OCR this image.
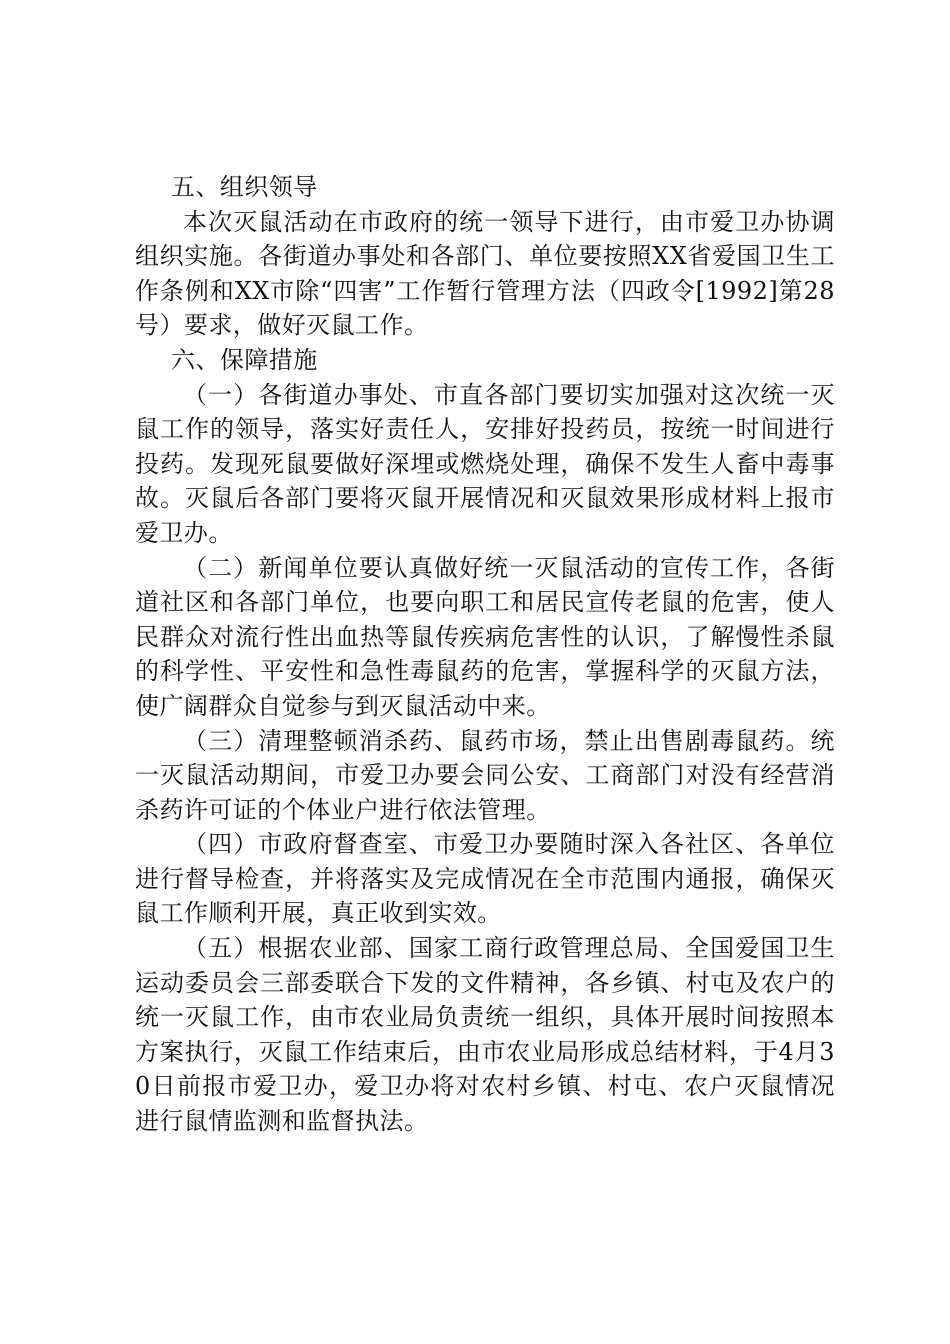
五、组织领导

本次灭鼠活动在市政府的统一领导下进行，由市爱卫办协调组织实施。各街道办事处和各部门、单位要按照XX省爱国卫生工作条例和XX市除“四害”工作暂行管理方法（四政令[1992]第28号）要求，做好灭鼠工作。

六、保障措施

（一）各街道办事处、市直各部门要切实加强对这次统一灭鼠工作的领导，落实好责任人，安排好投药员，按统一时间进行投药。发现死鼠要做好深埋或燃烧处理，确保不发生人畜中毒事故。灭鼠后各部门要将灭鼠开展情况和灭鼠效果形成材料上报市爱卫办。

（二）新闻单位要认真做好统一灭鼠活动的宣传工作，各街道社区和各部门单位，也要向职工和居民宣传老鼠的危害，使人民群众对流行性出血热等鼠传疾病危害性的认识，了解慢性杀鼠的科学性、平安性和急性毒鼠药的危害，掌握科学的灭鼠方法，使广阔群众自觉参与到灭鼠活动中来。

（三）清理整顿消杀药、鼠药市场，禁止出售剧毒鼠药。统一灭鼠活动期间，市爱卫办要会同公安、工商部门对没有经营消杀药许可证的个体业户进行依法管理。

（四）市政府督查室、市爱卫办要随时深入各社区、各单位进行督导检查，并将落实及完成情况在全市范围内通报，确保灭鼠工作顺利开展，真正收到实效。

（五）根据农业部、国家工商行政管理总局、全国爱国卫生运动委员会三部委联合下发的文件精神，各乡镇、村屯及农户的统一灭鼠工作，由市农业局负责统一组织，具体开展时间按照本方案执行，灭鼠工作结束后，由市农业局形成总结材料，于4月30日前报市爱卫办，爱卫办将对农村乡镇、村屯、农户灭鼠情况进行鼠情监测和监督执法。
